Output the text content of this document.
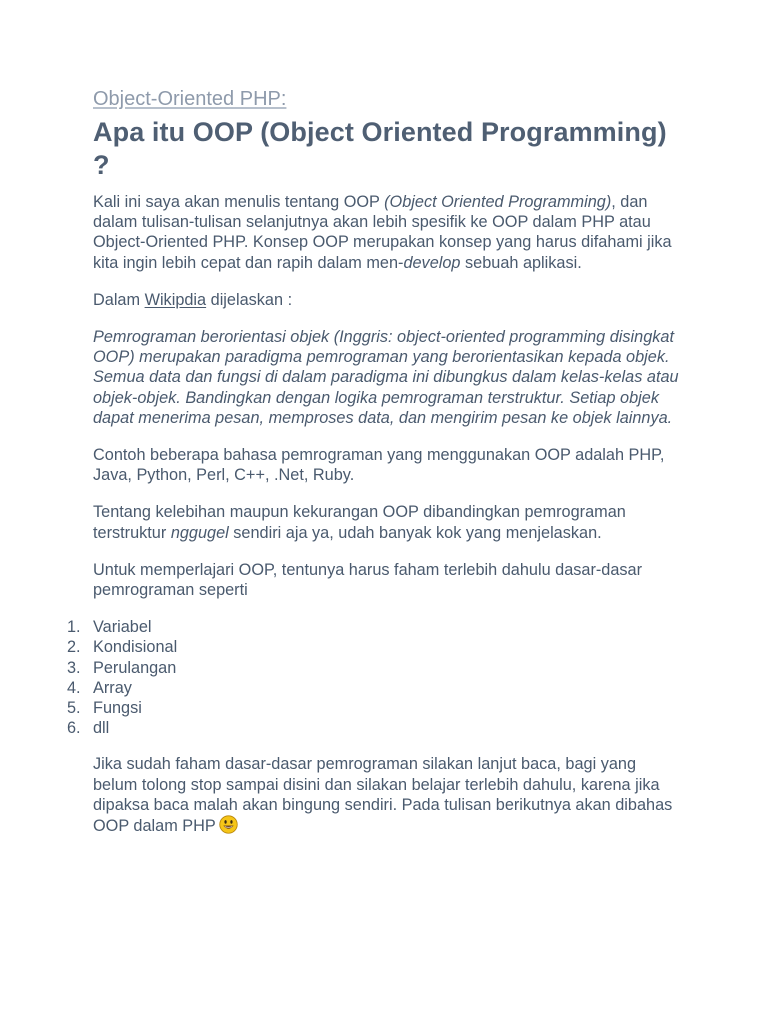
Object-Oriented PHP:
Apa itu OOP (Object Oriented Programming) ?

Kali ini saya akan menulis tentang OOP (Object Oriented Programming), dan dalam tulisan-tulisan selanjutnya akan lebih spesifik ke OOP dalam PHP atau Object-Oriented PHP. Konsep OOP merupakan konsep yang harus difahami jika kita ingin lebih cepat dan rapih dalam men-develop sebuah aplikasi.

Dalam Wikipdia dijelaskan :

Pemrograman berorientasi objek (Inggris: object-oriented programming disingkat OOP) merupakan paradigma pemrograman yang berorientasikan kepada objek. Semua data dan fungsi di dalam paradigma ini dibungkus dalam kelas-kelas atau objek-objek. Bandingkan dengan logika pemrograman terstruktur. Setiap objek dapat menerima pesan, memproses data, dan mengirim pesan ke objek lainnya.

Contoh beberapa bahasa pemrograman yang menggunakan OOP adalah PHP, Java, Python, Perl, C++, .Net, Ruby.

Tentang kelebihan maupun kekurangan OOP dibandingkan pemrograman terstruktur nggugel sendiri aja ya, udah banyak kok yang menjelaskan.

Untuk memperlajari OOP, tentunya harus faham terlebih dahulu dasar-dasar pemrograman seperti

1. Variabel
2. Kondisional
3. Perulangan
4. Array
5. Fungsi
6. dll

Jika sudah faham dasar-dasar pemrograman silakan lanjut baca, bagi yang belum tolong stop sampai disini dan silakan belajar terlebih dahulu, karena jika dipaksa baca malah akan bingung sendiri. Pada tulisan berikutnya akan dibahas OOP dalam PHP
